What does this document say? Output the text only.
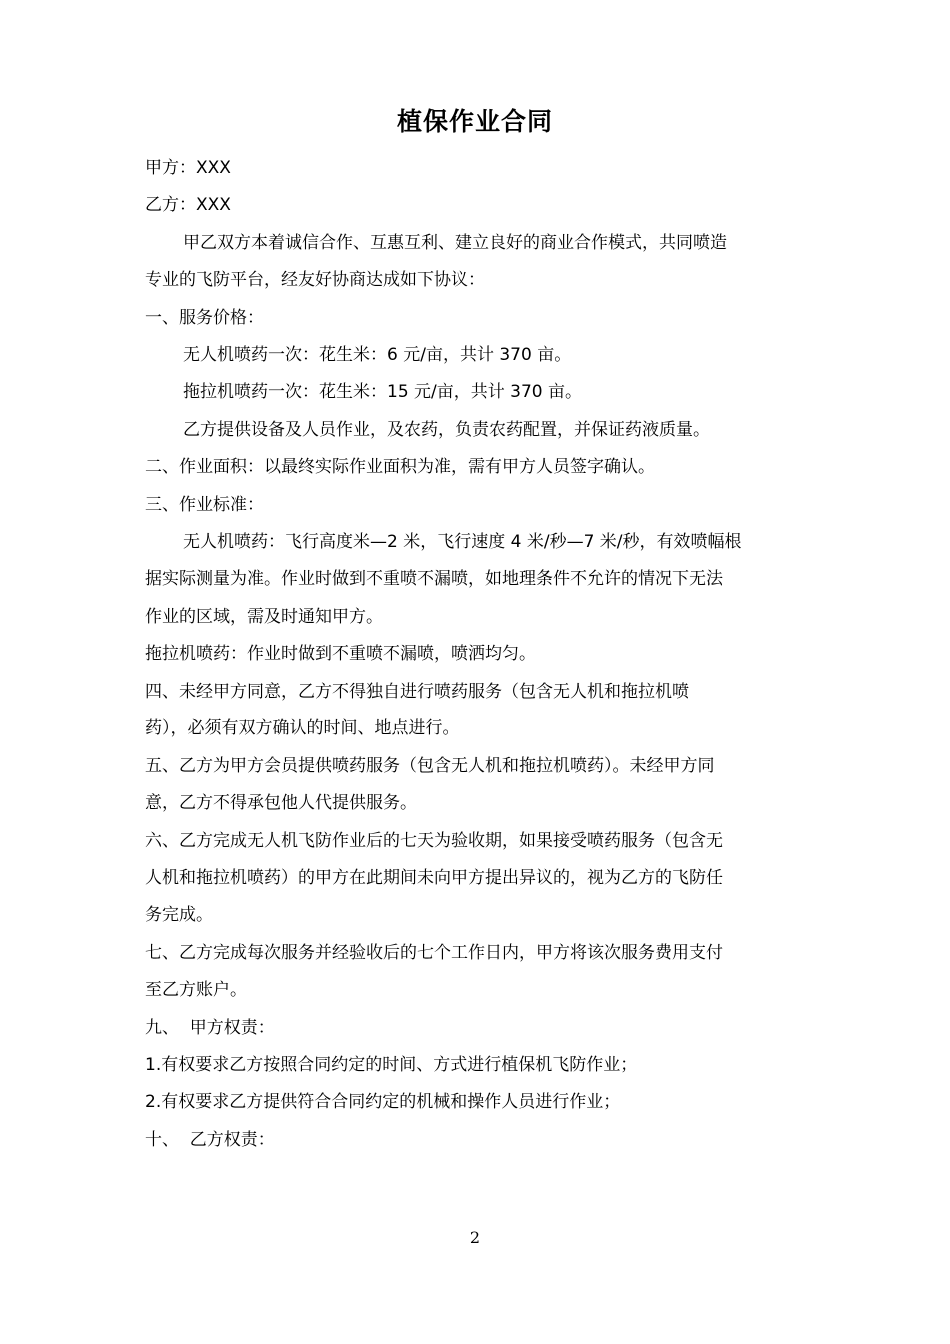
植保作业合同

甲方：XXX

乙方：XXX

甲乙双方本着诚信合作、互惠互利、建立良好的商业合作模式，共同喷造

专业的飞防平台，经友好协商达成如下协议：

一、服务价格：

无人机喷药一次：花生米：6 元/亩，共计 370 亩。

拖拉机喷药一次：花生米：15 元/亩，共计 370 亩。

乙方提供设备及人员作业，及农药，负责农药配置，并保证药液质量。

二、作业面积：以最终实际作业面积为准，需有甲方人员签字确认。

三、作业标准：

无人机喷药：飞行高度米—2 米，飞行速度 4 米/秒—7 米/秒，有效喷幅根

据实际测量为准。作业时做到不重喷不漏喷，如地理条件不允许的情况下无法

作业的区域，需及时通知甲方。

拖拉机喷药：作业时做到不重喷不漏喷，喷洒均匀。

四、未经甲方同意，乙方不得独自进行喷药服务（包含无人机和拖拉机喷

药），必须有双方确认的时间、地点进行。

五、乙方为甲方会员提供喷药服务（包含无人机和拖拉机喷药）。未经甲方同

意，乙方不得承包他人代提供服务。

六、乙方完成无人机飞防作业后的七天为验收期，如果接受喷药服务（包含无

人机和拖拉机喷药）的甲方在此期间未向甲方提出异议的，视为乙方的飞防任

务完成。

七、乙方完成每次服务并经验收后的七个工作日内，甲方将该次服务费用支付

至乙方账户。

九、  甲方权责：

1.有权要求乙方按照合同约定的时间、方式进行植保机飞防作业；

2.有权要求乙方提供符合合同约定的机械和操作人员进行作业；

十、  乙方权责：

2
